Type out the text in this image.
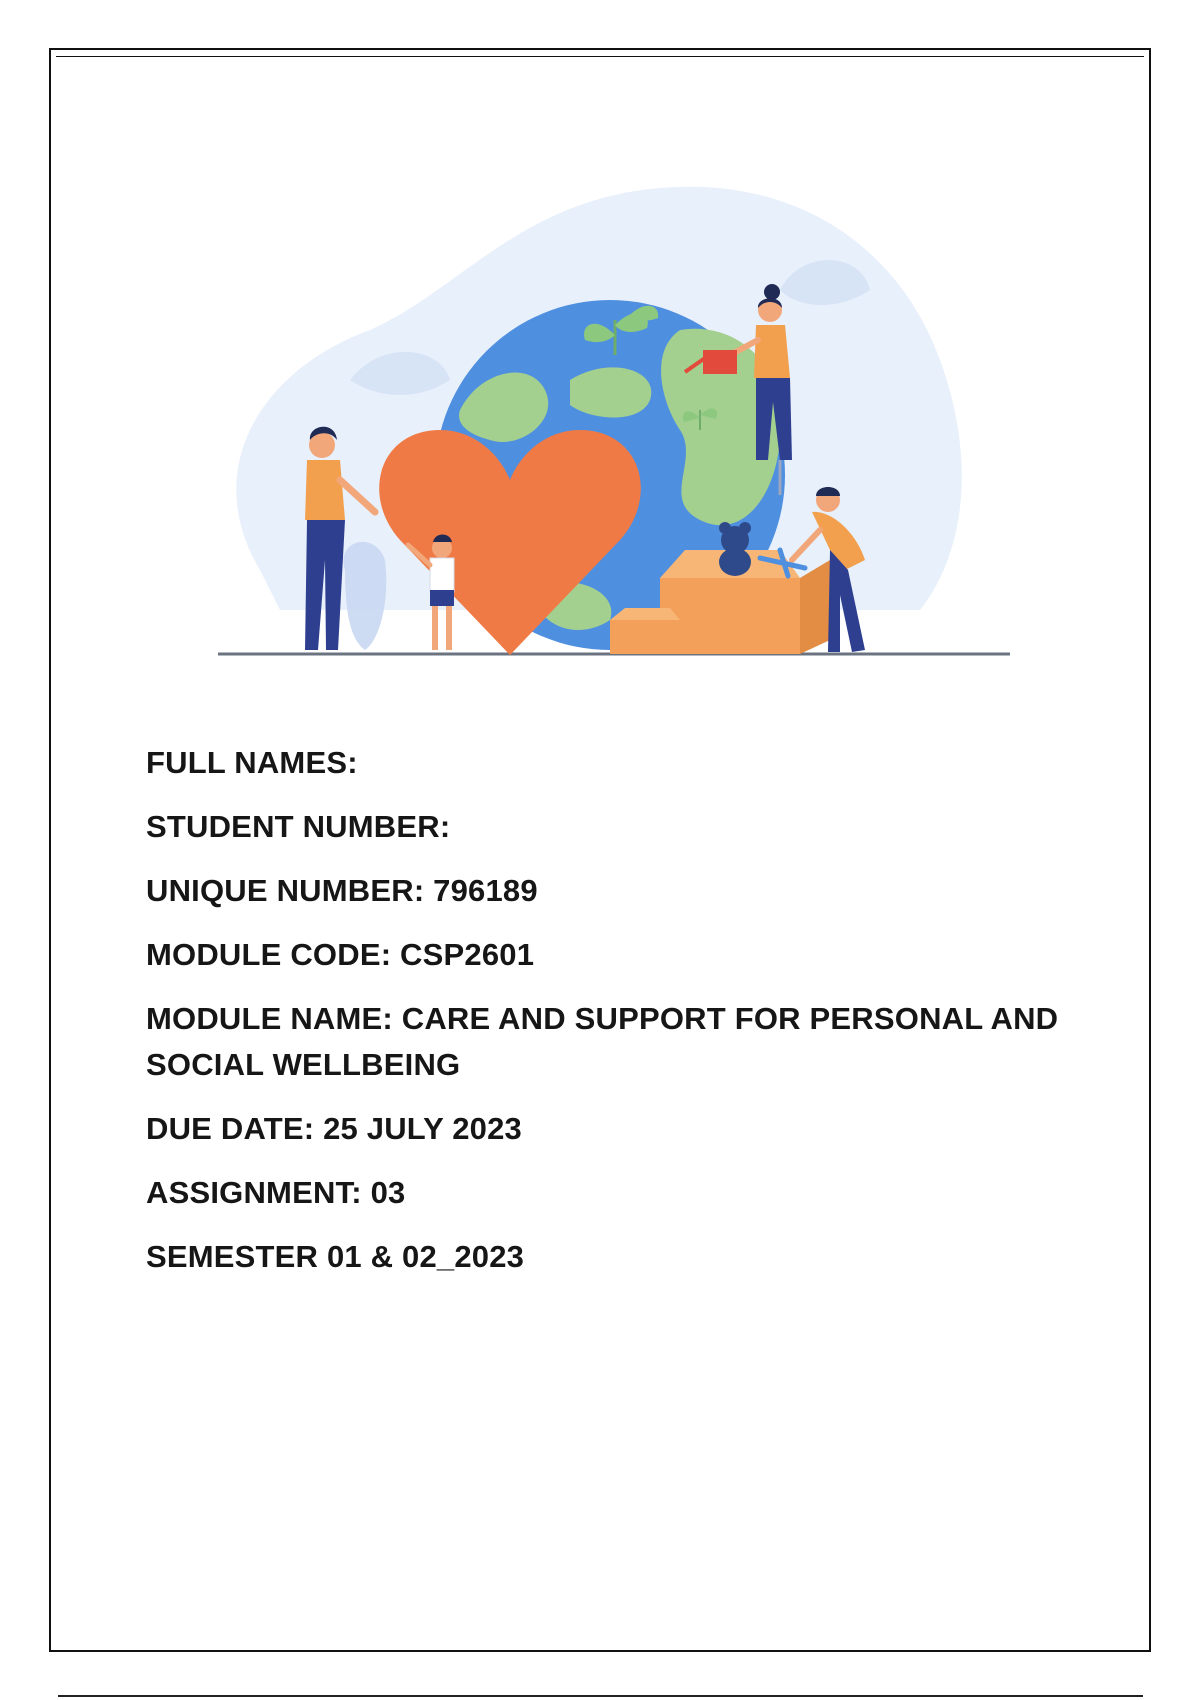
FULL NAMES:
STUDENT NUMBER:
UNIQUE NUMBER: 796189
MODULE CODE: CSP2601
MODULE NAME: CARE AND SUPPORT FOR PERSONAL AND SOCIAL WELLBEING
DUE DATE: 25 JULY 2023
ASSIGNMENT: 03
SEMESTER 01 & 02_2023
